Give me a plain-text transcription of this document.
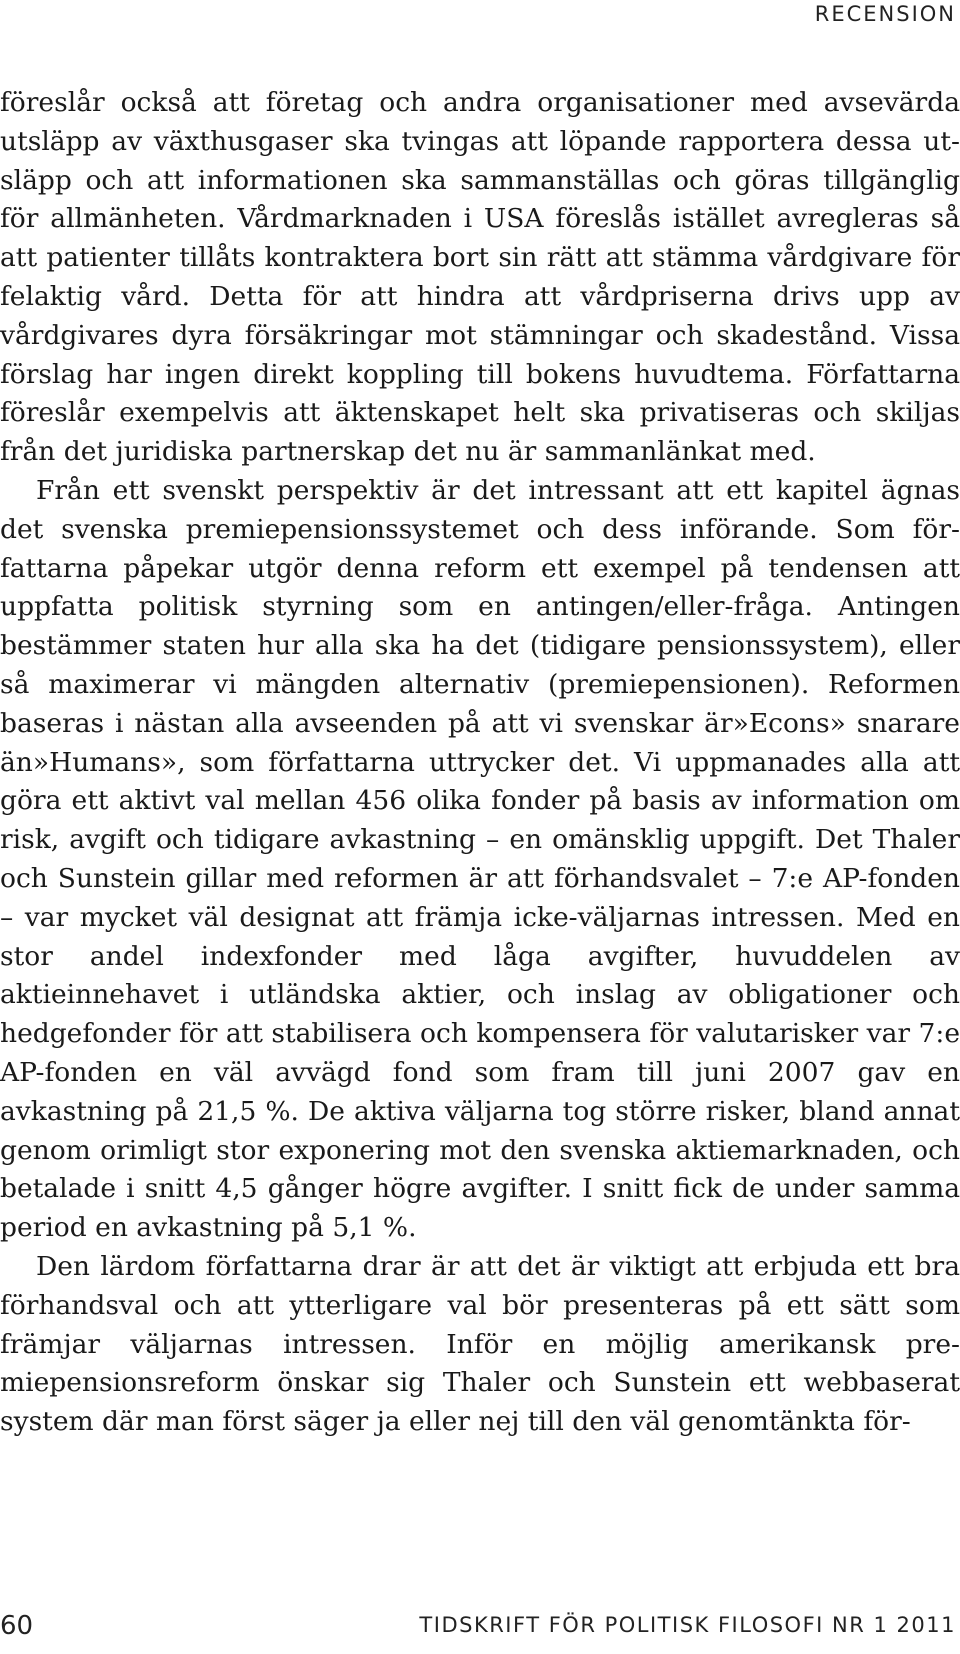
RECENSION

föreslår också att företag och andra organisationer med avsevärda utsläpp av växthusgaser ska tvingas att löpande rapportera dessa utsläpp och att informationen ska sammanställas och göras tillgänglig för allmänheten. Vårdmarknaden i USA föreslås istället avregleras så att patienter tillåts kontraktera bort sin rätt att stämma vårdgivare för felaktig vård. Detta för att hindra att vårdpriserna drivs upp av vårdgivares dyra försäkringar mot stämningar och skadestånd. Vissa förslag har ingen direkt koppling till bokens huvudtema. Författarna föreslår exempelvis att äktenskapet helt ska privatiseras och skiljas från det juridiska partnerskap det nu är sammanlänkat med.

Från ett svenskt perspektiv är det intressant att ett kapitel ägnas det svenska premiepensionssystemet och dess införande. Som författarna påpekar utgör denna reform ett exempel på tendensen att uppfatta politisk styrning som en antingen/eller-fråga. Antingen bestämmer staten hur alla ska ha det (tidigare pensionssystem), eller så maximerar vi mängden alternativ (premiepensionen). Reformen baseras i nästan alla avseenden på att vi svenskar är»Econs» snarare än»Humans», som författarna uttrycker det. Vi uppmanades alla att göra ett aktivt val mellan 456 olika fonder på basis av information om risk, avgift och tidigare avkastning – en omänsklig uppgift. Det Thaler och Sunstein gillar med reformen är att förhandsvalet – 7:e AP-fonden – var mycket väl designat att främja icke-väljarnas intressen. Med en stor andel indexfonder med låga avgifter, huvuddelen av aktieinnehavet i utländska aktier, och inslag av obligationer och hedgefonder för att stabilisera och kompensera för valutarisker var 7:e AP-fonden en väl avvägd fond som fram till juni 2007 gav en avkastning på 21,5 %. De aktiva väljarna tog större risker, bland annat genom orimligt stor exponering mot den svenska aktiemarknaden, och betalade i snitt 4,5 gånger högre avgifter. I snitt fick de under samma period en avkastning på 5,1 %.

Den lärdom författarna drar är att det är viktigt att erbjuda ett bra förhandsval och att ytterligare val bör presenteras på ett sätt som främjar väljarnas intressen. Inför en möjlig amerikansk premiepensionsreform önskar sig Thaler och Sunstein ett webbaserat system där man först säger ja eller nej till den väl genomtänkta för-

60	TIDSKRIFT FÖR POLITISK FILOSOFI NR 1 2011
